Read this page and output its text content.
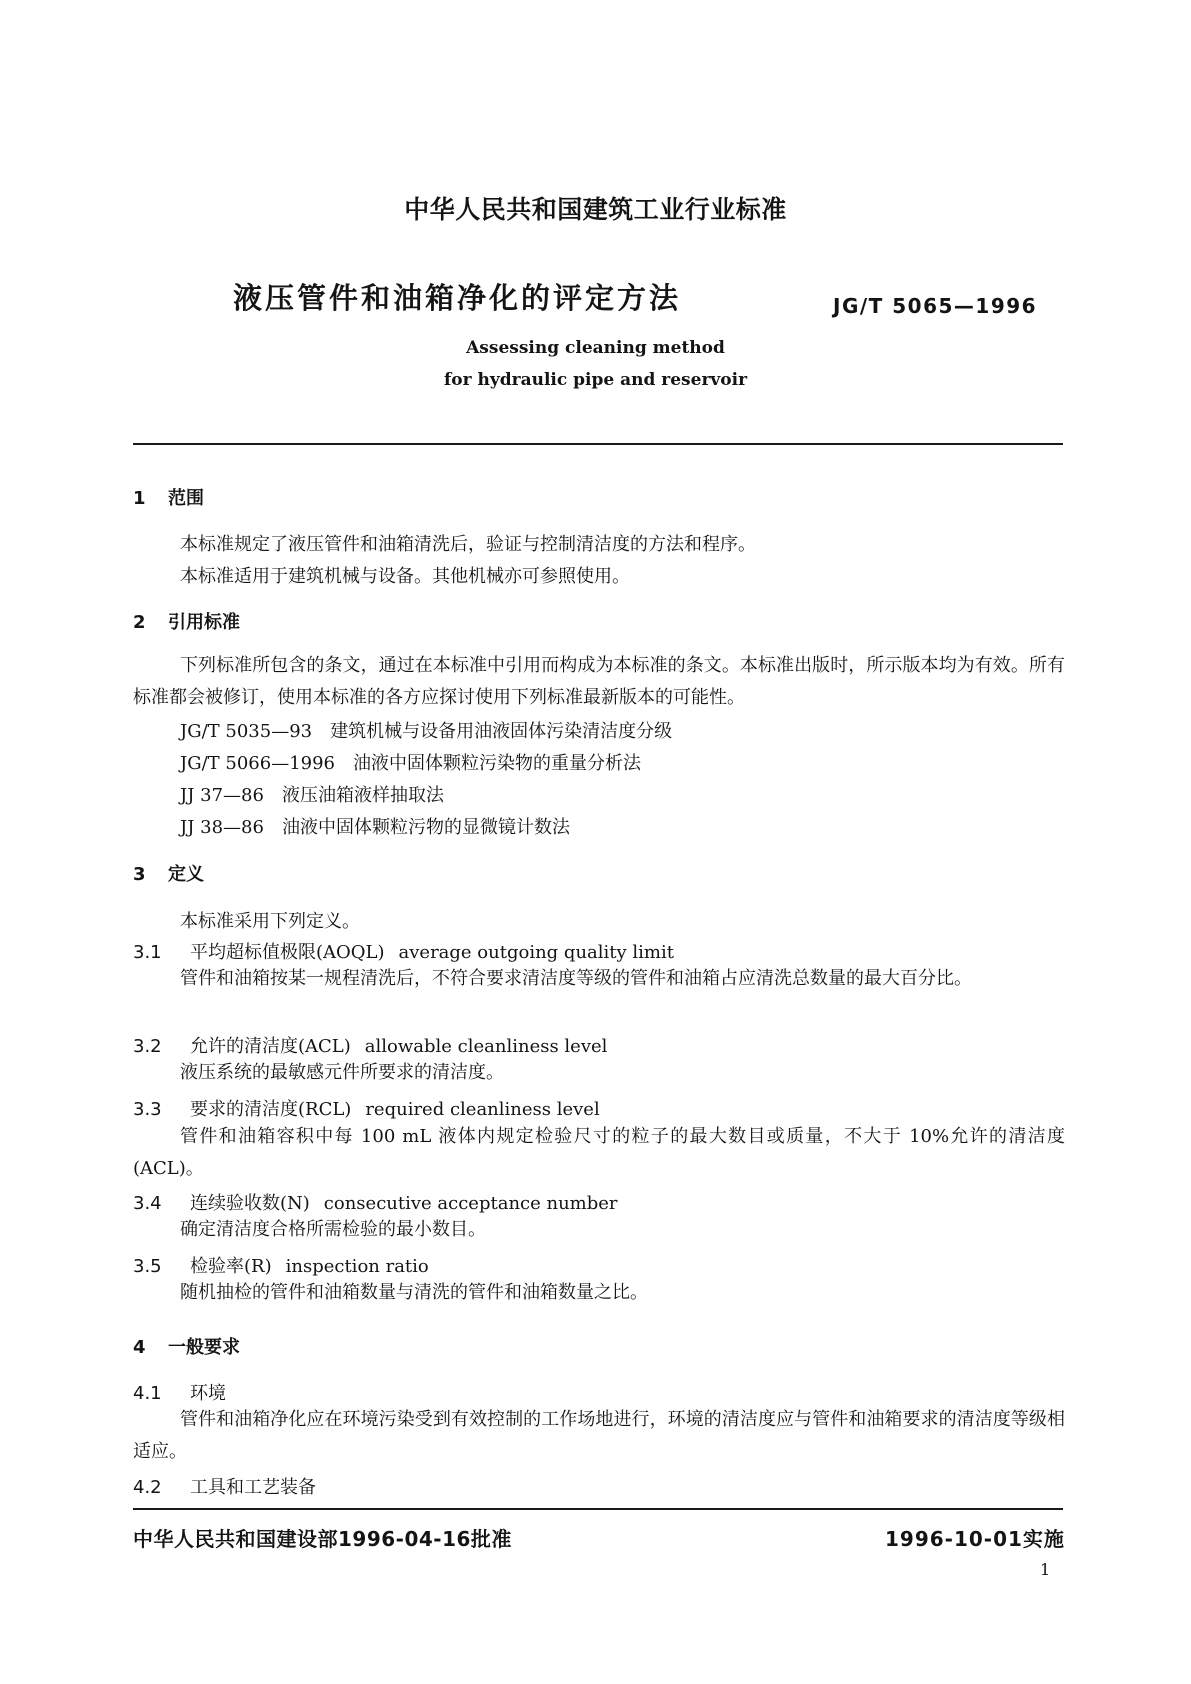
中华人民共和国建筑工业行业标准
液压管件和油箱净化的评定方法	JG/T 5065—1996
Assessing cleaning method
for hydraulic pipe and reservoir
1 范围
本标准规定了液压管件和油箱清洗后，验证与控制清洁度的方法和程序。
本标准适用于建筑机械与设备。其他机械亦可参照使用。
2 引用标准
下列标准所包含的条文，通过在本标准中引用而构成为本标准的条文。本标准出版时，所示版本均为有效。所有标准都会被修订，使用本标准的各方应探讨使用下列标准最新版本的可能性。
JG/T 5035—93 建筑机械与设备用油液固体污染清洁度分级
JG/T 5066—1996 油液中固体颗粒污染物的重量分析法
JJ 37—86 液压油箱液样抽取法
JJ 38—86 油液中固体颗粒污物的显微镜计数法
3 定义
本标准采用下列定义。
3.1 平均超标值极限(AOQL) average outgoing quality limit
管件和油箱按某一规程清洗后，不符合要求清洁度等级的管件和油箱占应清洗总数量的最大百分比。
3.2 允许的清洁度(ACL) allowable cleanliness level
液压系统的最敏感元件所要求的清洁度。
3.3 要求的清洁度(RCL) required cleanliness level
管件和油箱容积中每 100 mL 液体内规定检验尺寸的粒子的最大数目或质量，不大于 10%允许的清洁度(ACL)。
3.4 连续验收数(N) consecutive acceptance number
确定清洁度合格所需检验的最小数目。
3.5 检验率(R) inspection ratio
随机抽检的管件和油箱数量与清洗的管件和油箱数量之比。
4 一般要求
4.1 环境
管件和油箱净化应在环境污染受到有效控制的工作场地进行，环境的清洁度应与管件和油箱要求的清洁度等级相适应。
4.2 工具和工艺装备
中华人民共和国建设部1996-04-16批准	1996-10-01实施
1
